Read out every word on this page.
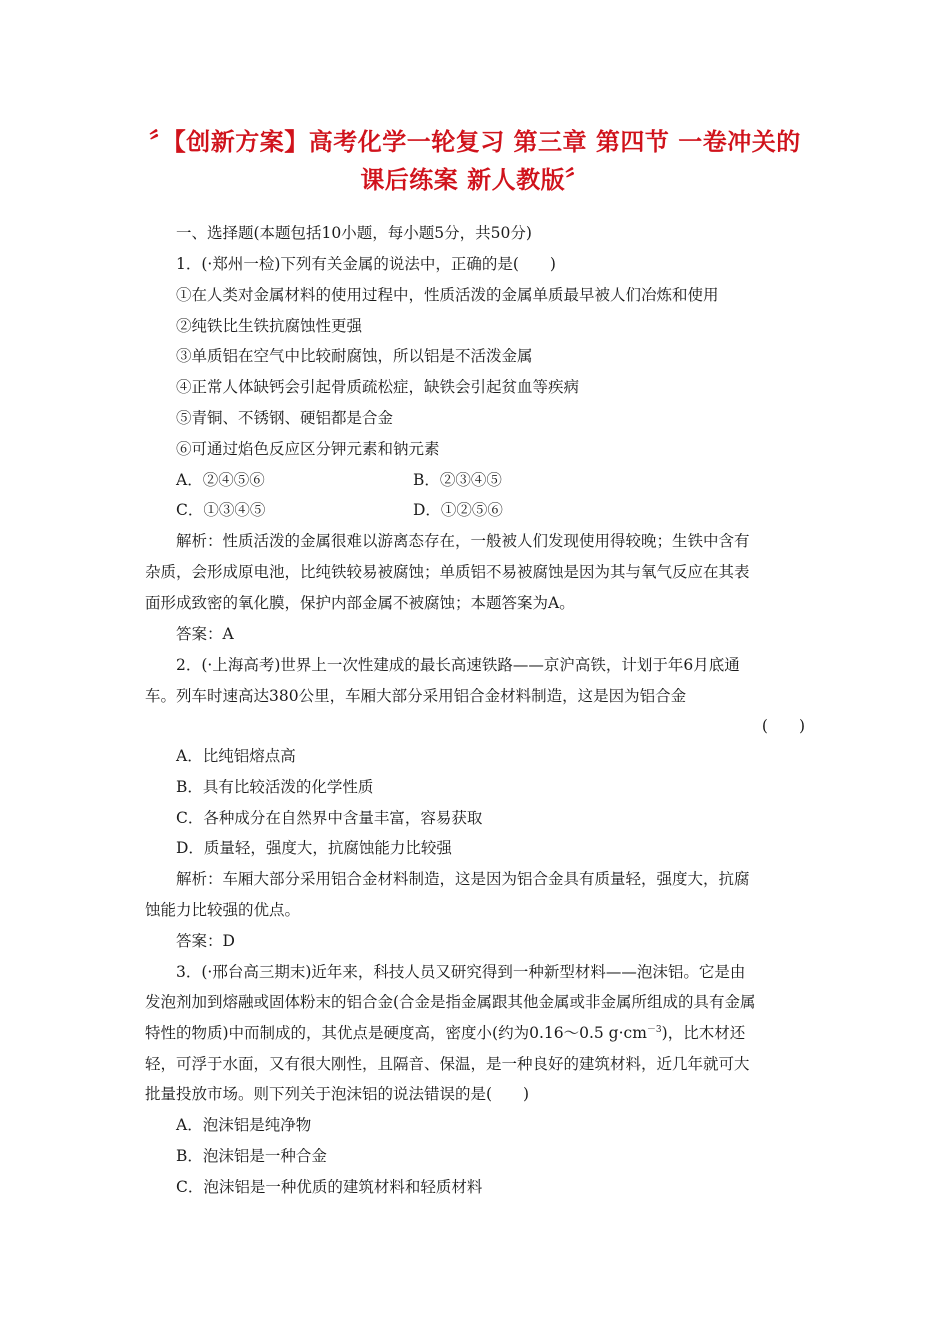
〞【创新方案】高考化学一轮复习 第三章 第四节 一卷冲关的
课后练案 新人教版〞
一、选择题(本题包括10小题，每小题5分，共50分)
1．(·郑州一检)下列有关金属的说法中，正确的是(　　)
①在人类对金属材料的使用过程中，性质活泼的金属单质最早被人们冶炼和使用
②纯铁比生铁抗腐蚀性更强
③单质铝在空气中比较耐腐蚀，所以铝是不活泼金属
④正常人体缺钙会引起骨质疏松症，缺铁会引起贫血等疾病
⑤青铜、不锈钢、硬铝都是合金
⑥可通过焰色反应区分钾元素和钠元素
A．②④⑤⑥	B．②③④⑤
C．①③④⑤	D．①②⑤⑥
解析：性质活泼的金属很难以游离态存在，一般被人们发现使用得较晚；生铁中含有
杂质，会形成原电池，比纯铁较易被腐蚀；单质铝不易被腐蚀是因为其与氧气反应在其表
面形成致密的氧化膜，保护内部金属不被腐蚀；本题答案为A。
答案：A
2．(·上海高考)世界上一次性建成的最长高速铁路——京沪高铁，计划于年6月底通
车。列车时速高达380公里，车厢大部分采用铝合金材料制造，这是因为铝合金
(　　)
A．比纯铝熔点高
B．具有比较活泼的化学性质
C．各种成分在自然界中含量丰富，容易获取
D．质量轻，强度大，抗腐蚀能力比较强
解析：车厢大部分采用铝合金材料制造，这是因为铝合金具有质量轻，强度大，抗腐
蚀能力比较强的优点。
答案：D
3．(·邢台高三期末)近年来，科技人员又研究得到一种新型材料——泡沫铝。它是由
发泡剂加到熔融或固体粉末的铝合金(合金是指金属跟其他金属或非金属所组成的具有金属
特性的物质)中而制成的，其优点是硬度高，密度小(约为0.16～0.5 $g\cdot cm^{-3}$)，比木材还
轻，可浮于水面，又有很大刚性，且隔音、保温，是一种良好的建筑材料，近几年就可大
批量投放市场。则下列关于泡沫铝的说法错误的是(　　)
A．泡沫铝是纯净物
B．泡沫铝是一种合金
C．泡沫铝是一种优质的建筑材料和轻质材料
